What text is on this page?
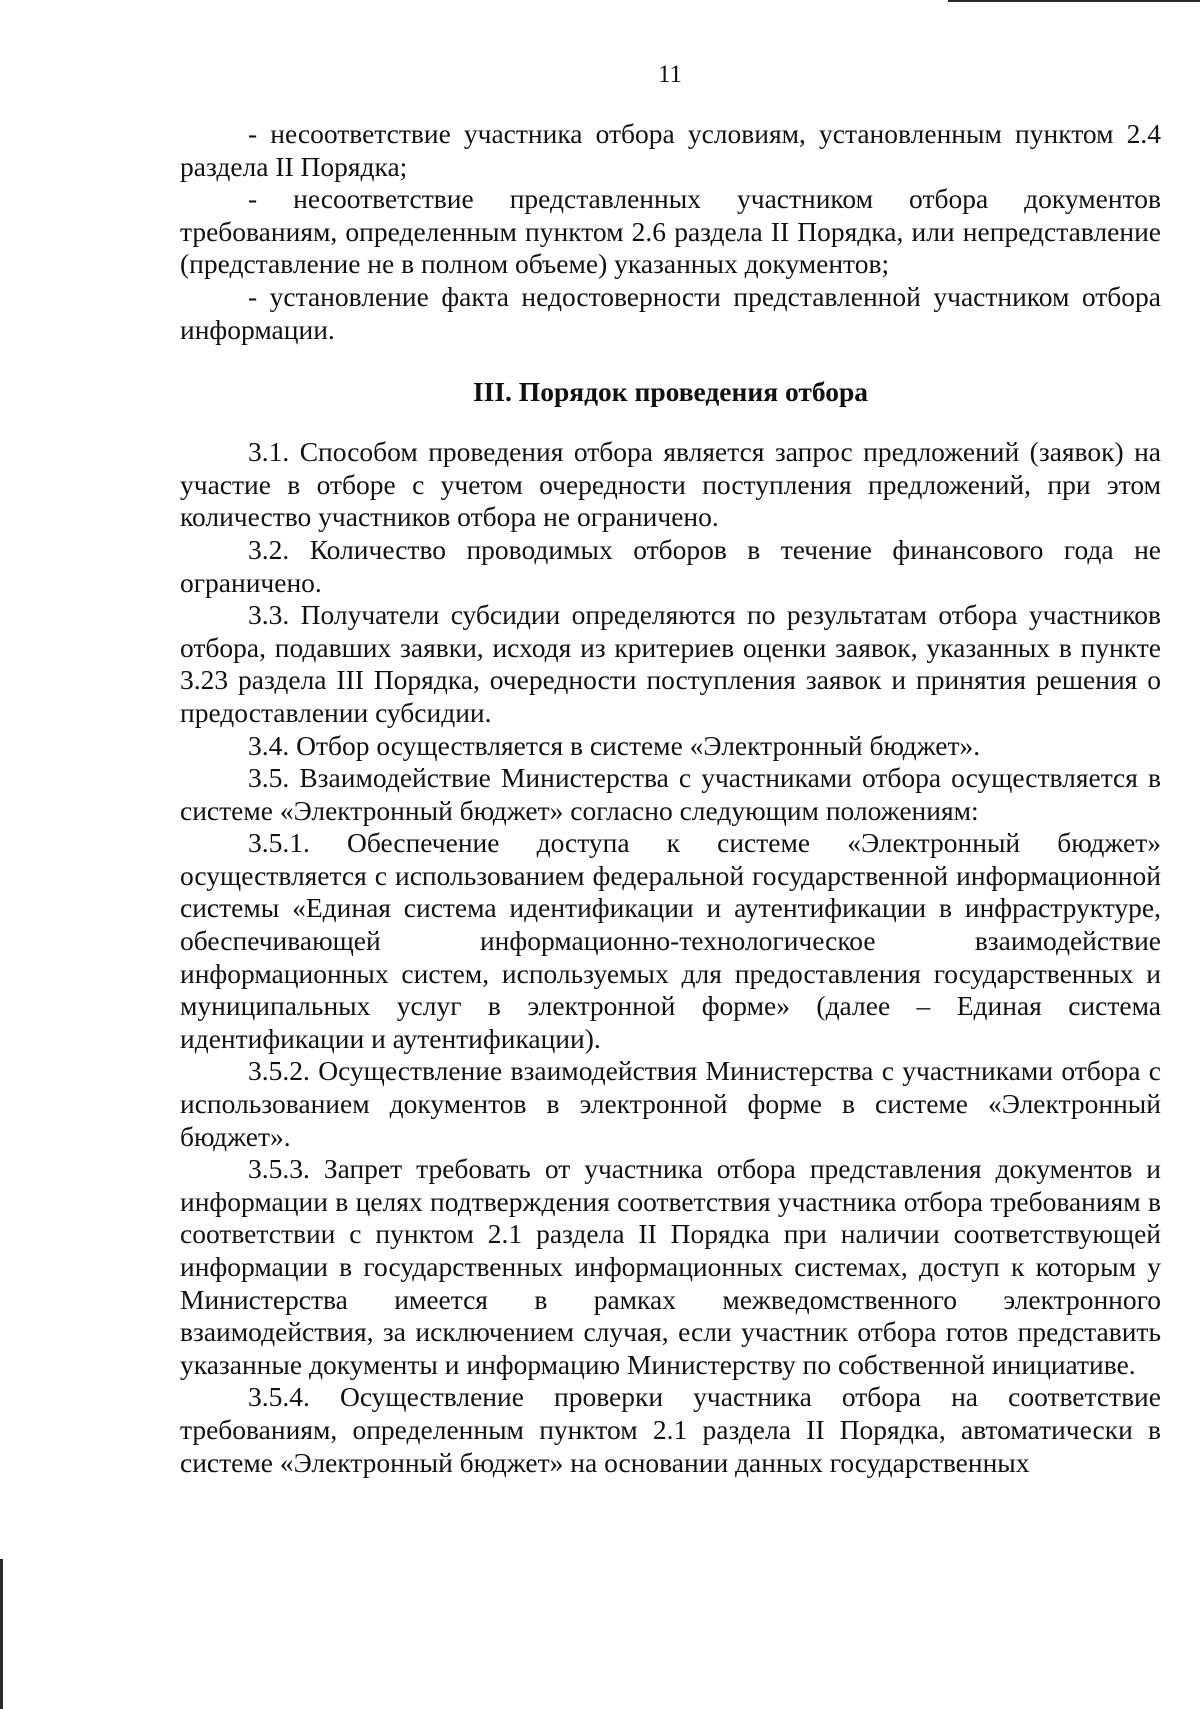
11

- несоответствие участника отбора условиям, установленным пунктом 2.4 раздела II Порядка;

- несоответствие представленных участником отбора документов требованиям, определенным пунктом 2.6 раздела II Порядка, или непредставление (представление не в полном объеме) указанных документов;

- установление факта недостоверности представленной участником отбора информации.

III. Порядок проведения отбора

3.1. Способом проведения отбора является запрос предложений (заявок) на участие в отборе с учетом очередности поступления предложений, при этом количество участников отбора не ограничено.

3.2. Количество проводимых отборов в течение финансового года не ограничено.

3.3. Получатели субсидии определяются по результатам отбора участников отбора, подавших заявки, исходя из критериев оценки заявок, указанных в пункте 3.23 раздела III Порядка, очередности поступления заявок и принятия решения о предоставлении субсидии.

3.4. Отбор осуществляется в системе «Электронный бюджет».

3.5. Взаимодействие Министерства с участниками отбора осуществляется в системе «Электронный бюджет» согласно следующим положениям:

3.5.1. Обеспечение доступа к системе «Электронный бюджет» осуществляется с использованием федеральной государственной информационной системы «Единая система идентификации и аутентификации в инфраструктуре, обеспечивающей информационно-технологическое взаимодействие информационных систем, используемых для предоставления государственных и муниципальных услуг в электронной форме» (далее – Единая система идентификации и аутентификации).

3.5.2. Осуществление взаимодействия Министерства с участниками отбора с использованием документов в электронной форме в системе «Электронный бюджет».

3.5.3. Запрет требовать от участника отбора представления документов и информации в целях подтверждения соответствия участника отбора требованиям в соответствии с пунктом 2.1 раздела II Порядка при наличии соответствующей информации в государственных информационных системах, доступ к которым у Министерства имеется в рамках межведомственного электронного взаимодействия, за исключением случая, если участник отбора готов представить указанные документы и информацию Министерству по собственной инициативе.

3.5.4. Осуществление проверки участника отбора на соответствие требованиям, определенным пунктом 2.1 раздела II Порядка, автоматически в системе «Электронный бюджет» на основании данных государственных
